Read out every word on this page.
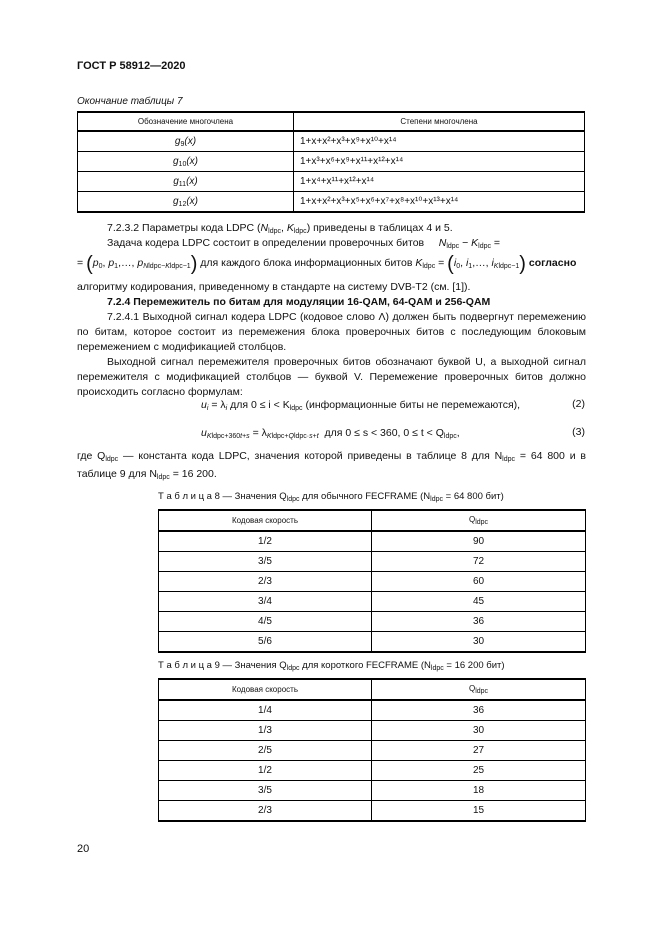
ГОСТ Р 58912—2020
Окончание таблицы 7
Обозначение многочлена	Степени многочлена
$g_9(x)$	1+x+x²+x³+x⁹+x¹⁰+x¹⁴
$g_{10}(x)$	1+x³+x⁶+x⁹+x¹¹+x¹²+x¹⁴
$g_{11}(x)$	1+x⁴+x¹¹+x¹²+x¹⁴
$g_{12}(x)$	1+x+x²+x³+x⁵+x⁶+x⁷+x⁸+x¹⁰+x¹³+x¹⁴
7.2.3.2 Параметры кода LDPC ($N_{ldpc}$, $K_{ldpc}$) приведены в таблицах 4 и 5.
Задача кодера LDPC состоит в определении проверочных битов $N_{ldpc} - K_{ldpc}$ =
= ($p_0$, $p_1,\dots$, $p_{Nldpc-Kldpc-1}$) для каждого блока информационных битов $K_{ldpc} = (i_0$, $i_1,\dots$, $i_{Kldpc-1}$) согласно
алгоритму кодирования, приведенному в стандарте на систему DVB-T2 (см. [1]).
7.2.4 Перемежитель по битам для модуляции 16-QAM, 64-QAM и 256-QAM
7.2.4.1 Выходной сигнал кодера LDPC (кодовое слово Λ) должен быть подвергнут перемежению по битам, которое состоит из перемежения блока проверочных битов с последующим блоковым перемежением с модификацией столбцов.
Выходной сигнал перемежителя проверочных битов обозначают буквой U, а выходной сигнал перемежителя с модификацией столбцов — буквой V. Перемежение проверочных битов должно происходить согласно формулам:
$u_i = \lambda_i$ для $0 \le i < K_{ldpc}$ (информационные биты не перемежаются),	(2)
$u_{Kldpc+360t+s} = \lambda_{Kldpc+Qldpc\cdot s+t}$ для 0 ≤ s < 360, $0 \le t < Q_{ldpc}$,	(3)
где $Q_{ldpc}$ — константа кода LDPC, значения которой приведены в таблице 8 для $N_{ldpc} = 64$ 800 и в таблице 9 для $N_{ldpc} = 16$ 200.
Т а б л и ц а 8 — Значения $Q_{ldpc}$ для обычного FECFRAME ($N_{ldpc} = 64$ 800 бит)
Кодовая скорость	$Q_{ldpc}$
1/2	90
3/5	72
2/3	60
3/4	45
4/5	36
5/6	30
Т а б л и ц а 9 — Значения $Q_{ldpc}$ для короткого FECFRAME ($N_{ldpc} = 16$ 200 бит)
Кодовая скорость	$Q_{ldpc}$
1/4	36
1/3	30
2/5	27
1/2	25
3/5	18
2/3	15
20
